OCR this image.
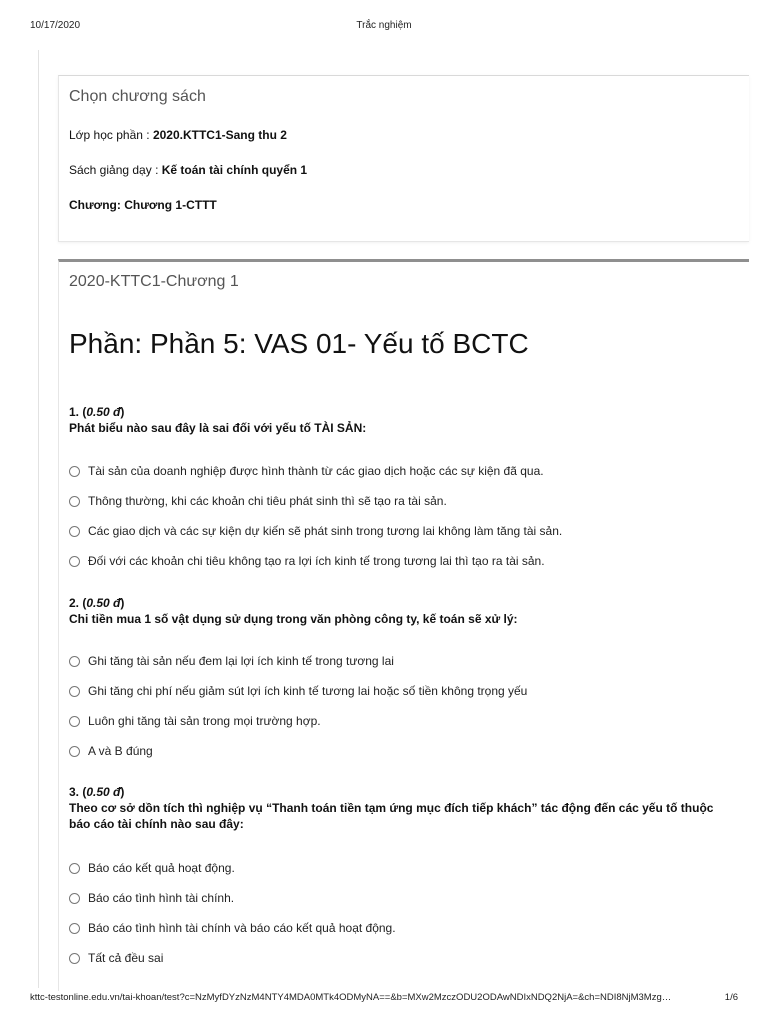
10/17/2020	Trắc nghiệm
Chọn chương sách
Lớp học phần : 2020.KTTC1-Sang thu 2
Sách giảng dạy : Kế toán tài chính quyển 1
Chương: Chương 1-CTTT
2020-KTTC1-Chương 1
Phần: Phần 5: VAS 01- Yếu tố BCTC
1. (0.50 đ)
Phát biểu nào sau đây là sai đối với yếu tố TÀI SẢN:
Tài sản của doanh nghiệp được hình thành từ các giao dịch hoặc các sự kiện đã qua.
Thông thường, khi các khoản chi tiêu phát sinh thì sẽ tạo ra tài sản.
Các giao dịch và các sự kiện dự kiến sẽ phát sinh trong tương lai không làm tăng tài sản.
Đối với các khoản chi tiêu không tạo ra lợi ích kinh tế trong tương lai thì tạo ra tài sản.
2. (0.50 đ)
Chi tiền mua 1 số vật dụng sử dụng trong văn phòng công ty, kế toán sẽ xử lý:
Ghi tăng tài sản nếu đem lại lợi ích kinh tế trong tương lai
Ghi tăng chi phí nếu giảm sút lợi ích kinh tế tương lai hoặc số tiền không trọng yếu
Luôn ghi tăng tài sản trong mọi trường hợp.
A và B đúng
3. (0.50 đ)
Theo cơ sở dồn tích thì nghiệp vụ “Thanh toán tiền tạm ứng mục đích tiếp khách” tác động đến các yếu tố thuộc báo cáo tài chính nào sau đây:
Báo cáo kết quả hoạt động.
Báo cáo tình hình tài chính.
Báo cáo tình hình tài chính và báo cáo kết quả hoạt động.
Tất cả đều sai
kttc-testonline.edu.vn/tai-khoan/test?c=NzMyfDYzNzM4NTY4MDA0MTk4ODMyNA==&b=MXw2MzczODU2ODAwNDIxNDQ2NjA=&ch=NDI8NjM3Mzg…	1/6
